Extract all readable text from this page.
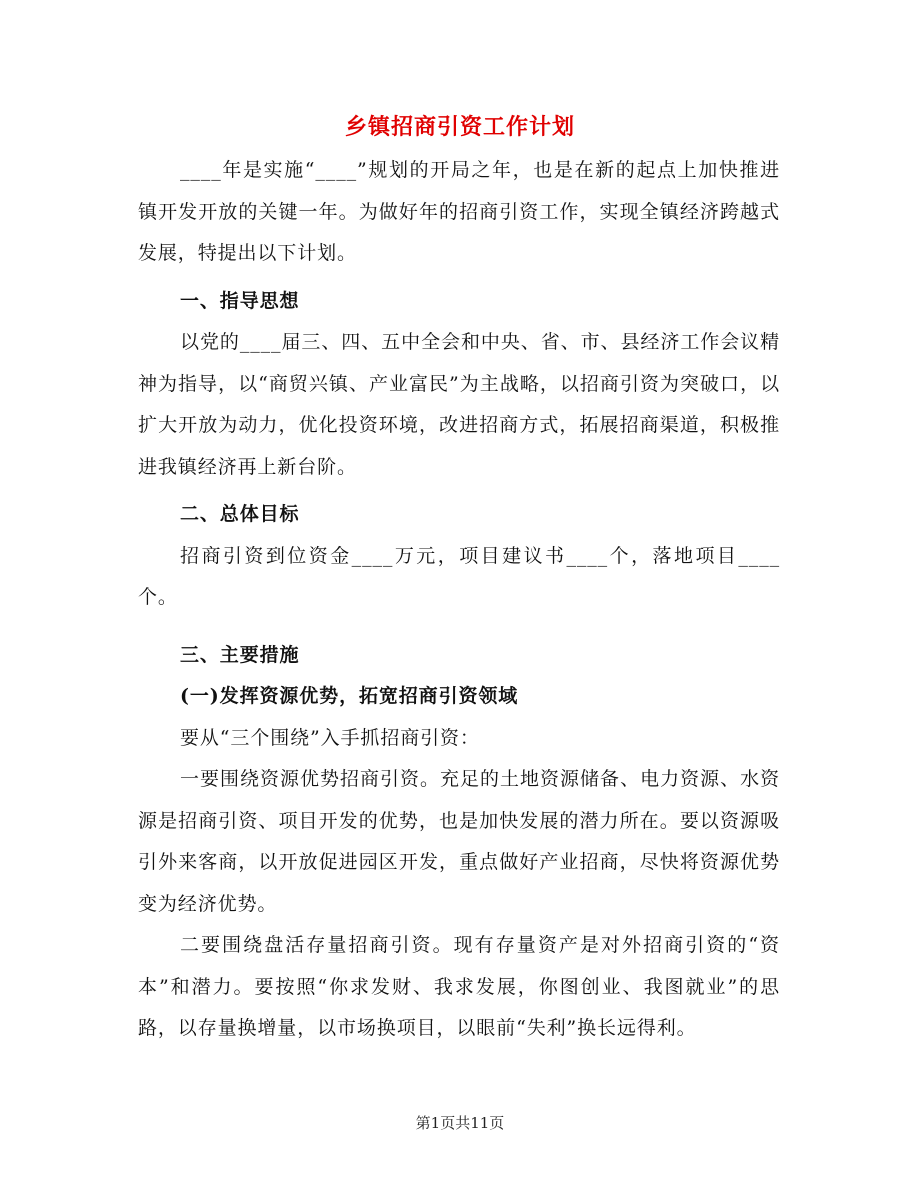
乡镇招商引资工作计划

____年是实施“____”规划的开局之年，也是在新的起点上加快推进镇开发开放的关键一年。为做好年的招商引资工作，实现全镇经济跨越式发展，特提出以下计划。

一、指导思想

以党的____届三、四、五中全会和中央、省、市、县经济工作会议精神为指导，以“商贸兴镇、产业富民”为主战略，以招商引资为突破口，以扩大开放为动力，优化投资环境，改进招商方式，拓展招商渠道，积极推进我镇经济再上新台阶。

二、总体目标

招商引资到位资金____万元，项目建议书____个，落地项目____个。

三、主要措施

(一)发挥资源优势，拓宽招商引资领域

要从“三个围绕”入手抓招商引资：

一要围绕资源优势招商引资。充足的土地资源储备、电力资源、水资源是招商引资、项目开发的优势，也是加快发展的潜力所在。要以资源吸引外来客商，以开放促进园区开发，重点做好产业招商，尽快将资源优势变为经济优势。

二要围绕盘活存量招商引资。现有存量资产是对外招商引资的“资本”和潜力。要按照“你求发财、我求发展，你图创业、我图就业”的思路，以存量换增量，以市场换项目，以眼前“失利”换长远得利。

第1页共11页
